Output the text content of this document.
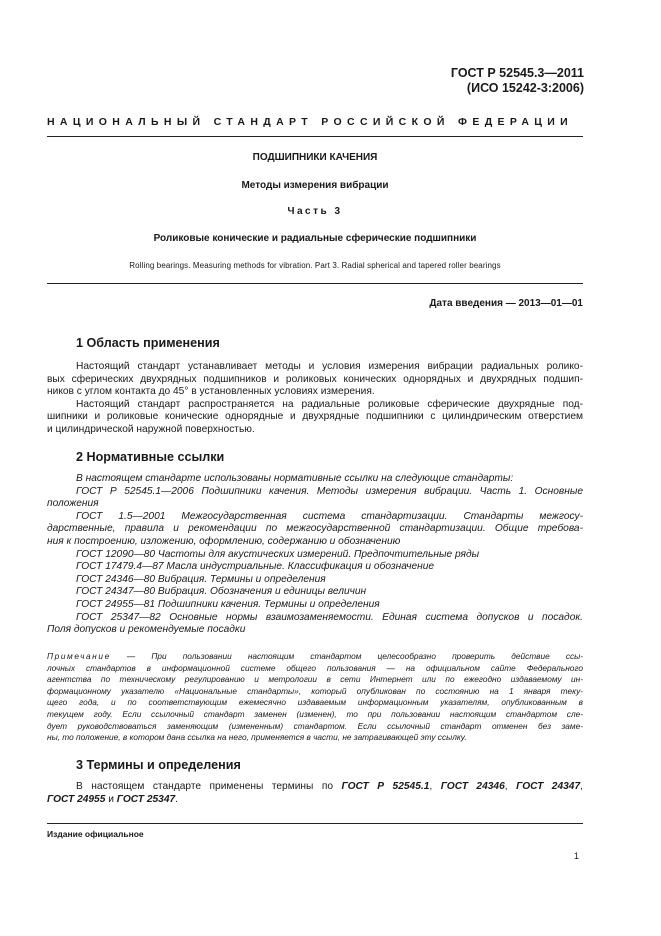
ГОСТ Р 52545.3—2011
(ИСО 15242-3:2006)
НАЦИОНАЛЬНЫЙ СТАНДАРТ РОССИЙСКОЙ ФЕДЕРАЦИИ
ПОДШИПНИКИ КАЧЕНИЯ
Методы измерения вибрации
Часть 3
Роликовые конические и радиальные сферические подшипники
Rolling bearings. Measuring methods for vibration. Part 3. Radial spherical and tapered roller bearings
Дата введения — 2013—01—01
1 Область применения

Настоящий стандарт устанавливает методы и условия измерения вибрации радиальных ролико-

вых сферических двухрядных подшипников и роликовых конических однорядных и двухрядных подшип-

ников с углом контакта до 45° в установленных условиях измерения.

Настоящий стандарт распространяется на радиальные роликовые сферические двухрядные под-

шипники и роликовые конические однорядные и двухрядные подшипники с цилиндрическим отверстием

и цилиндрической наружной поверхностью.

2 Нормативные ссылки

В настоящем стандарте использованы нормативные ссылки на следующие стандарты:

ГОСТ Р 52545.1—2006 Подшипники качения. Методы измерения вибрации. Часть 1. Основные

положения

ГОСТ 1.5—2001 Межгосударственная система стандартизации. Стандарты межгосу-

дарственные, правила и рекомендации по межгосударственной стандартизации. Общие требова-

ния к построению, изложению, оформлению, содержанию и обозначению

ГОСТ 12090—80 Частоты для акустических измерений. Предпочтительные ряды

ГОСТ 17479.4—87 Масла индустриальные. Классификация и обозначение

ГОСТ 24346—80 Вибрация. Термины и определения

ГОСТ 24347—80 Вибрация. Обозначения и единицы величин

ГОСТ 24955—81 Подшипники качения. Термины и определения

ГОСТ 25347—82 Основные нормы взаимозаменяемости. Единая система допусков и посадок.

Поля допусков и рекомендуемые посадки

Примечание — При пользовании настоящим стандартом целесообразно проверить действие ссы-

лочных стандартов в информационной системе общего пользования — на официальном сайте Федерального

агентства по техническому регулированию и метрологии в сети Интернет или по ежегодно издаваемому ин-

формационному указателю «Национальные стандарты», который опубликован по состоянию на 1 января теку-

щего года, и по соответствующим ежемесячно издаваемым информационным указателям, опубликованным в

текущем году. Если ссылочный стандарт заменен (изменен), то при пользовании настоящим стандартом сле-

дует руководствоваться заменяющим (измененным) стандартом. Если ссылочный стандарт отменен без заме-

ны, то положение, в котором дана ссылка на него, применяется в части, не затрагивающей эту ссылку.

3 Термины и определения

В настоящем стандарте применены термины по ГОСТ Р 52545.1, ГОСТ 24346, ГОСТ 24347,

ГОСТ 24955 и ГОСТ 25347.

Издание официальное
1
